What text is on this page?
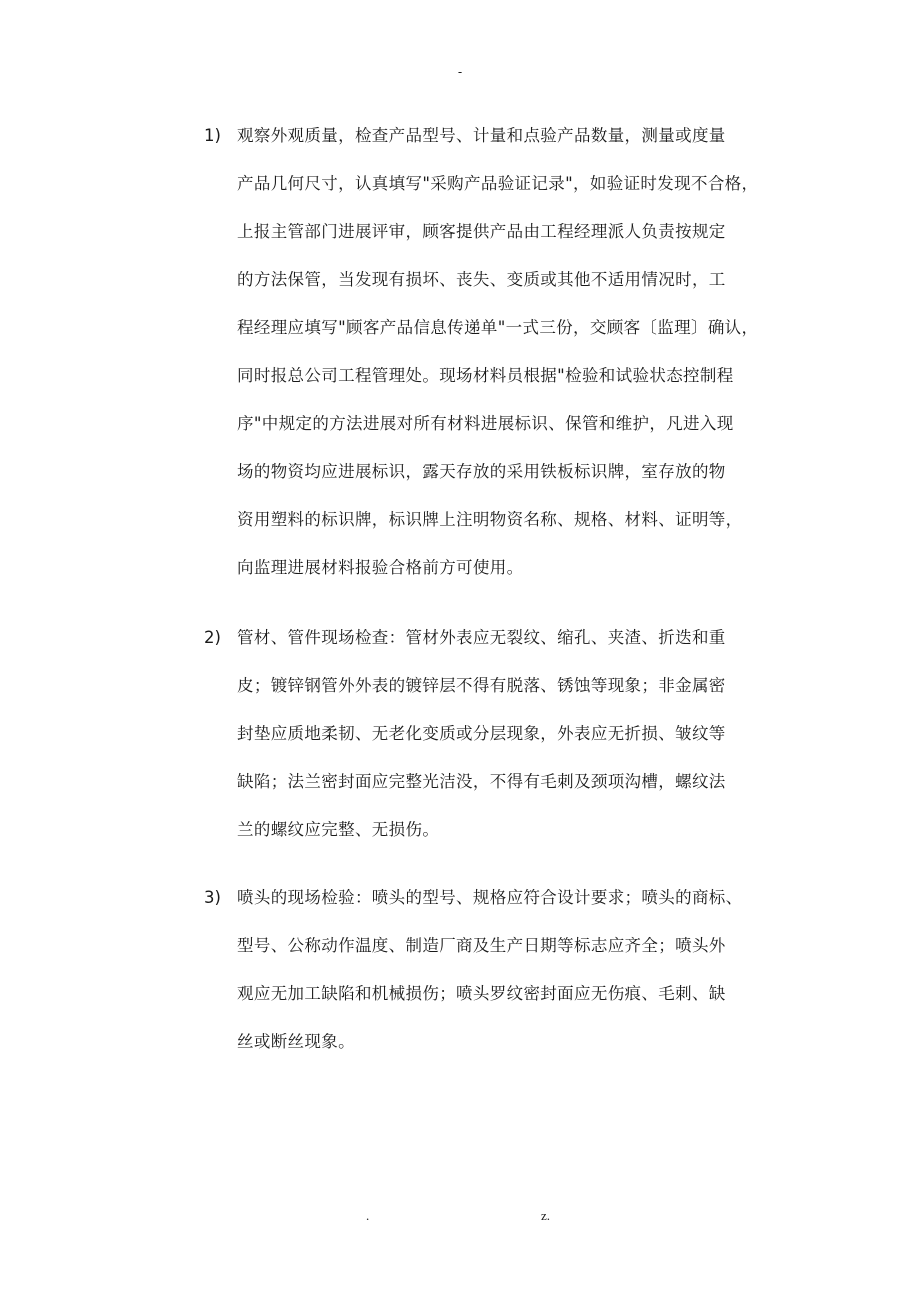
-
1) 观察外观质量，检查产品型号、计量和点验产品数量，测量或度量
产品几何尺寸，认真填写"采购产品验证记录"，如验证时发现不合格，
上报主管部门进展评审，顾客提供产品由工程经理派人负责按规定
的方法保管，当发现有损坏、丧失、变质或其他不适用情况时，工
程经理应填写"顾客产品信息传递单"一式三份，交顾客〔监理〕确认，
同时报总公司工程管理处。现场材料员根据"检验和试验状态控制程
序"中规定的方法进展对所有材料进展标识、保管和维护，凡进入现
场的物资均应进展标识，露天存放的采用铁板标识牌，室存放的物
资用塑料的标识牌，标识牌上注明物资名称、规格、材料、证明等，
向监理进展材料报验合格前方可使用。
2) 管材、管件现场检查：管材外表应无裂纹、缩孔、夹渣、折迭和重
皮；镀锌钢管外外表的镀锌层不得有脱落、锈蚀等现象；非金属密
封垫应质地柔韧、无老化变质或分层现象，外表应无折损、皱纹等
缺陷；法兰密封面应完整光洁没，不得有毛刺及颈项沟槽，螺纹法
兰的螺纹应完整、无损伤。
3) 喷头的现场检验：喷头的型号、规格应符合设计要求；喷头的商标、
型号、公称动作温度、制造厂商及生产日期等标志应齐全；喷头外
观应无加工缺陷和机械损伤；喷头罗纹密封面应无伤痕、毛刺、缺
丝或断丝现象。
.	z.
